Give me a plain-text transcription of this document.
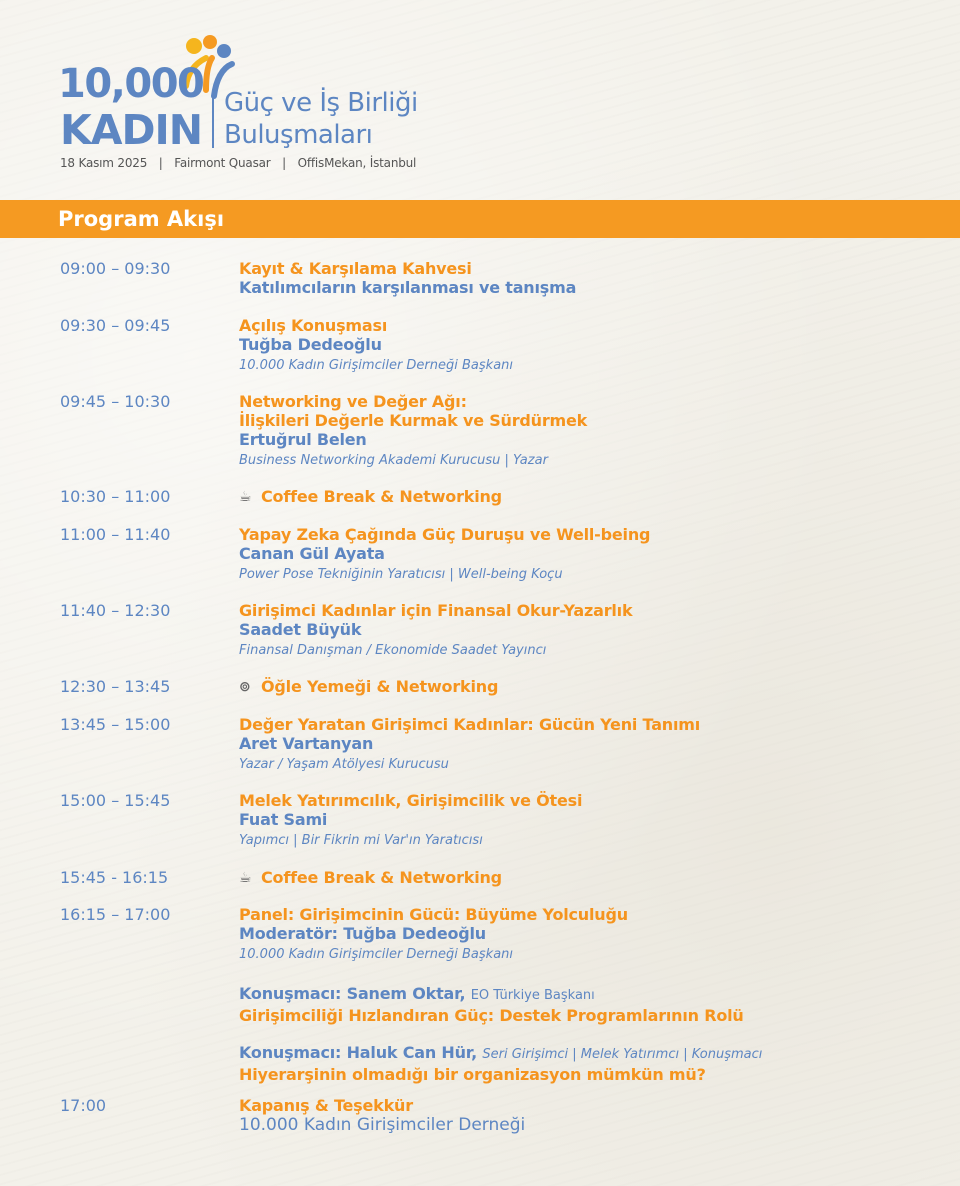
10,000
KADIN
Güç ve İş Birliği
Buluşmaları
18 Kasım 2025 | Fairmont Quasar | OffisMekan, İstanbul
Program Akışı
09:00 – 09:30	Kayıt & Karşılama Kahvesi
Katılımcıların karşılanması ve tanışma
09:30 – 09:45	Açılış Konuşması
Tuğba Dedeoğlu
10.000 Kadın Girişimciler Derneği Başkanı
09:45 – 10:30	Networking ve Değer Ağı:
İlişkileri Değerle Kurmak ve Sürdürmek
Ertuğrul Belen
Business Networking Akademi Kurucusu | Yazar
10:30 – 11:00	☕ Coffee Break & Networking
11:00 – 11:40	Yapay Zeka Çağında Güç Duruşu ve Well-being
Canan Gül Ayata
Power Pose Tekniğinin Yaratıcısı | Well-being Koçu
11:40 – 12:30	Girişimci Kadınlar için Finansal Okur-Yazarlık
Saadet Büyük
Finansal Danışman / Ekonomide Saadet Yayıncı
12:30 – 13:45	⊚ Öğle Yemeği & Networking
13:45 – 15:00	Değer Yaratan Girişimci Kadınlar: Gücün Yeni Tanımı
Aret Vartanyan
Yazar / Yaşam Atölyesi Kurucusu
15:00 – 15:45	Melek Yatırımcılık, Girişimcilik ve Ötesi
Fuat Sami
Yapımcı | Bir Fikrin mi Var'ın Yaratıcısı
15:45 - 16:15	☕ Coffee Break & Networking
16:15 – 17:00	Panel: Girişimcinin Gücü: Büyüme Yolculuğu
Moderatör: Tuğba Dedeoğlu
10.000 Kadın Girişimciler Derneği Başkanı
Konuşmacı: Sanem Oktar, EO Türkiye Başkanı
Girişimciliği Hızlandıran Güç: Destek Programlarının Rolü
Konuşmacı: Haluk Can Hür, Seri Girişimci | Melek Yatırımcı | Konuşmacı
Hiyerarşinin olmadığı bir organizasyon mümkün mü?
17:00	Kapanış & Teşekkür
10.000 Kadın Girişimciler Derneği
